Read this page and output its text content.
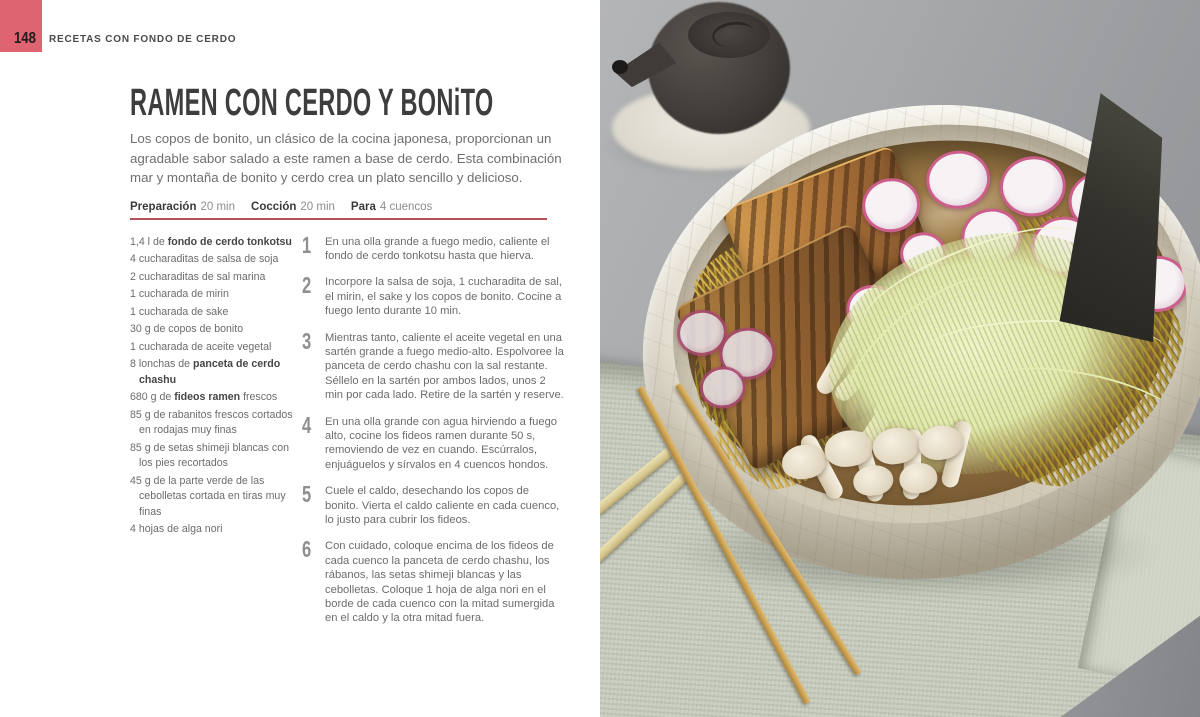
148 RECETAS CON FONDO DE CERDO
RAMEN CON CERDO Y BONiTO
Los copos de bonito, un clásico de la cocina japonesa, proporcionan un agradable sabor salado a este ramen a base de cerdo. Esta combinación mar y montaña de bonito y cerdo crea un plato sencillo y delicioso.
Preparación 20 min Cocción 20 min Para 4 cuencos
1,4 l de fondo de cerdo tonkotsu
4 cucharaditas de salsa de soja
2 cucharaditas de sal marina
1 cucharada de mirin
1 cucharada de sake
30 g de copos de bonito
1 cucharada de aceite vegetal
8 lonchas de panceta de cerdo chashu
680 g de fideos ramen frescos
85 g de rabanitos frescos cortados en rodajas muy finas
85 g de setas shimeji blancas con los pies recortados
45 g de la parte verde de las cebolletas cortada en tiras muy finas
4 hojas de alga nori
1 En una olla grande a fuego medio, caliente el fondo de cerdo tonkotsu hasta que hierva.
2 Incorpore la salsa de soja, 1 cucharadita de sal, el mirin, el sake y los copos de bonito. Cocine a fuego lento durante 10 min.
3 Mientras tanto, caliente el aceite vegetal en una sartén grande a fuego medio-alto. Espolvoree la panceta de cerdo chashu con la sal restante. Séllelo en la sartén por ambos lados, unos 2 min por cada lado. Retire de la sartén y reserve.
4 En una olla grande con agua hirviendo a fuego alto, cocine los fideos ramen durante 50 s, removiendo de vez en cuando. Escúrralos, enjuáguelos y sírvalos en 4 cuencos hondos.
5 Cuele el caldo, desechando los copos de bonito. Vierta el caldo caliente en cada cuenco, lo justo para cubrir los fideos.
6 Con cuidado, coloque encima de los fideos de cada cuenco la panceta de cerdo chashu, los rábanos, las setas shimeji blancas y las cebolletas. Coloque 1 hoja de alga nori en el borde de cada cuenco con la mitad sumergida en el caldo y la otra mitad fuera.
